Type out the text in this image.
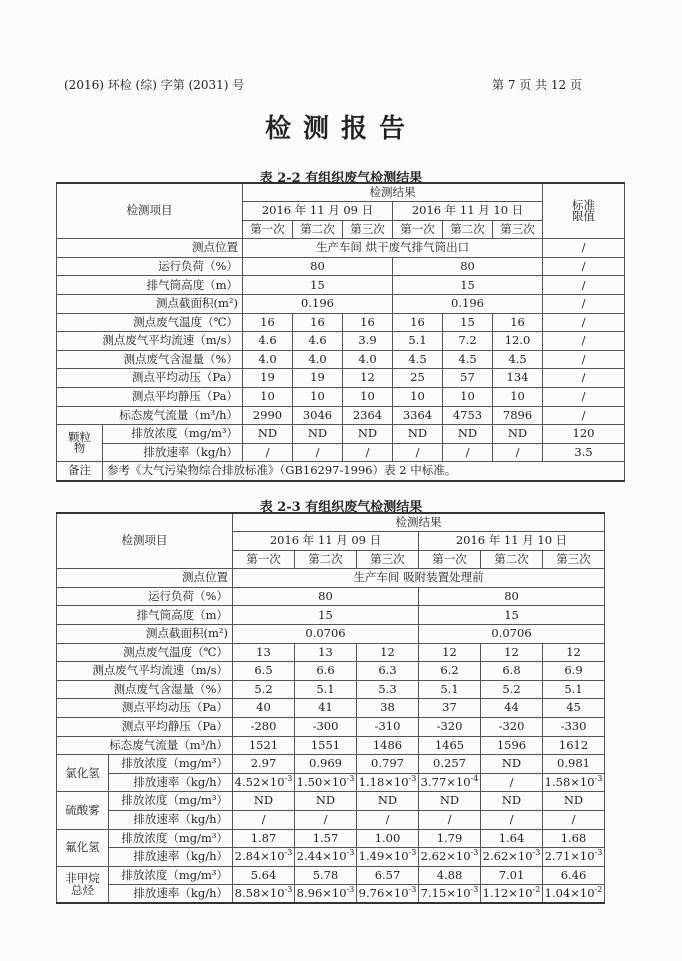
(2016) 环检 (综) 字第 (2031) 号	第 7 页 共 12 页
检测报告
表 2-2 有组织废气检测结果
检测项目		检测结果						标准
限值
		2016 年 11 月 09 日			2016 年 11 月 10 日			
		第一次	第二次	第三次	第一次	第二次	第三次	
测点位置		生产车间 烘干废气排气筒出口						/
运行负荷（%）		80			80			/
排气筒高度（m）		15			15			/
测点截面积(m²)		0.196			0.196			/
测点废气温度（℃）		16	16	16	16	15	16	/
测点废气平均流速（m/s）		4.6	4.6	3.9	5.1	7.2	12.0	/
测点废气含湿量（%）		4.0	4.0	4.0	4.5	4.5	4.5	/
测点平均动压（Pa）		19	19	12	25	57	134	/
测点平均静压（Pa）		10	10	10	10	10	10	/
标态废气流量（m³/h）		2990	3046	2364	3364	4753	7896	/
颗粒
物	排放浓度（mg/m³）	ND	ND	ND	ND	ND	ND	120
	排放速率（kg/h）	/	/	/	/	/	/	3.5
备注	参考《大气污染物综合排放标准》（GB16297-1996）表 2 中标准。							
表 2-3 有组织废气检测结果
检测项目		检测结果					
		2016 年 11 月 09 日			2016 年 11 月 10 日		
		第一次	第二次	第三次	第一次	第二次	第三次
测点位置		生产车间 吸附装置处理前					
运行负荷（%）		80			80		
排气筒高度（m）		15			15		
测点截面积(m²)		0.0706			0.0706		
测点废气温度（℃）		13	13	12	12	12	12
测点废气平均流速（m/s）		6.5	6.6	6.3	6.2	6.8	6.9
测点废气含湿量（%）		5.2	5.1	5.3	5.1	5.2	5.1
测点平均动压（Pa）		40	41	38	37	44	45
测点平均静压（Pa）		-280	-300	-310	-320	-320	-330
标态废气流量（m³/h）		1521	1551	1486	1465	1596	1612
氯化氢	排放浓度（mg/m³）	2.97	0.969	0.797	0.257	ND	0.981
	排放速率（kg/h）	$4.52\times 10^{-3}$	$1.50\times 10^{-3}$	$1.18\times 10^{-3}$	$3.77\times 10^{-4}$	/	$1.58\times 10^{-3}$
硫酸雾	排放浓度（mg/m³）	ND	ND	ND	ND	ND	ND
	排放速率（kg/h）	/	/	/	/	/	/
氟化氢	排放浓度（mg/m³）	1.87	1.57	1.00	1.79	1.64	1.68
	排放速率（kg/h）	$2.84\times 10^{-3}$	$2.44\times 10^{-3}$	$1.49\times 10^{-3}$	$2.62\times 10^{-3}$	$2.62\times 10^{-3}$	$2.71\times 10^{-3}$
非甲烷
总烃	排放浓度（mg/m³）	5.64	5.78	6.57	4.88	7.01	6.46
	排放速率（kg/h）	$8.58\times 10^{-3}$	$8.96\times 10^{-3}$	$9.76\times 10^{-3}$	$7.15\times 10^{-3}$	$1.12\times 10^{-2}$	$1.04\times 10^{-2}$
